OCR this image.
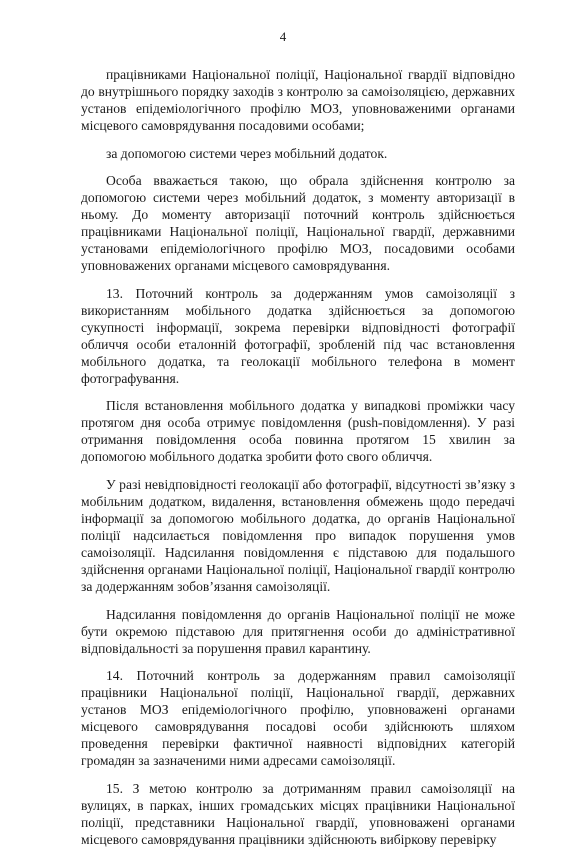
4

працівниками Національної поліції, Національної гвардії відповідно до внутрішнього порядку заходів з контролю за самоізоляцією, державних установ епідеміологічного профілю МОЗ, уповноваженими органами місцевого самоврядування посадовими особами;

за допомогою системи через мобільний додаток.

Особа вважається такою, що обрала здійснення контролю за допомогою системи через мобільний додаток, з моменту авторизації в ньому. До моменту авторизації поточний контроль здійснюється працівниками Національної поліції, Національної гвардії, державними установами епідеміологічного профілю МОЗ, посадовими особами уповноважених органами місцевого самоврядування.

13. Поточний контроль за додержанням умов самоізоляції з використанням мобільного додатка здійснюється за допомогою сукупності інформації, зокрема перевірки відповідності фотографії обличчя особи еталонній фотографії, зробленій під час встановлення мобільного додатка, та геолокації мобільного телефона в момент фотографування.

Після встановлення мобільного додатка у випадкові проміжки часу протягом дня особа отримує повідомлення (push-повідомлення). У разі отримання повідомлення особа повинна протягом 15 хвилин за допомогою мобільного додатка зробити фото свого обличчя.

У разі невідповідності геолокації або фотографії, відсутності зв’язку з мобільним додатком, видалення, встановлення обмежень щодо передачі інформації за допомогою мобільного додатка, до органів Національної поліції надсилається повідомлення про випадок порушення умов самоізоляції. Надсилання повідомлення є підставою для подальшого здійснення органами Національної поліції, Національної гвардії контролю за додержанням зобов’язання самоізоляції.

Надсилання повідомлення до органів Національної поліції не може бути окремою підставою для притягнення особи до адміністративної відповідальності за порушення правил карантину.

14. Поточний контроль за додержанням правил самоізоляції працівники Національної поліції, Національної гвардії, державних установ МОЗ епідеміологічного профілю, уповноважені органами місцевого самоврядування посадові особи здійснюють шляхом проведення перевірки фактичної наявності відповідних категорій громадян за зазначеними ними адресами самоізоляції.

15. З метою контролю за дотриманням правил самоізоляції на вулицях, в парках, інших громадських місцях працівники Національної поліції, представники Національної гвардії, уповноважені органами місцевого самоврядування працівники здійснюють вибіркову перевірку
